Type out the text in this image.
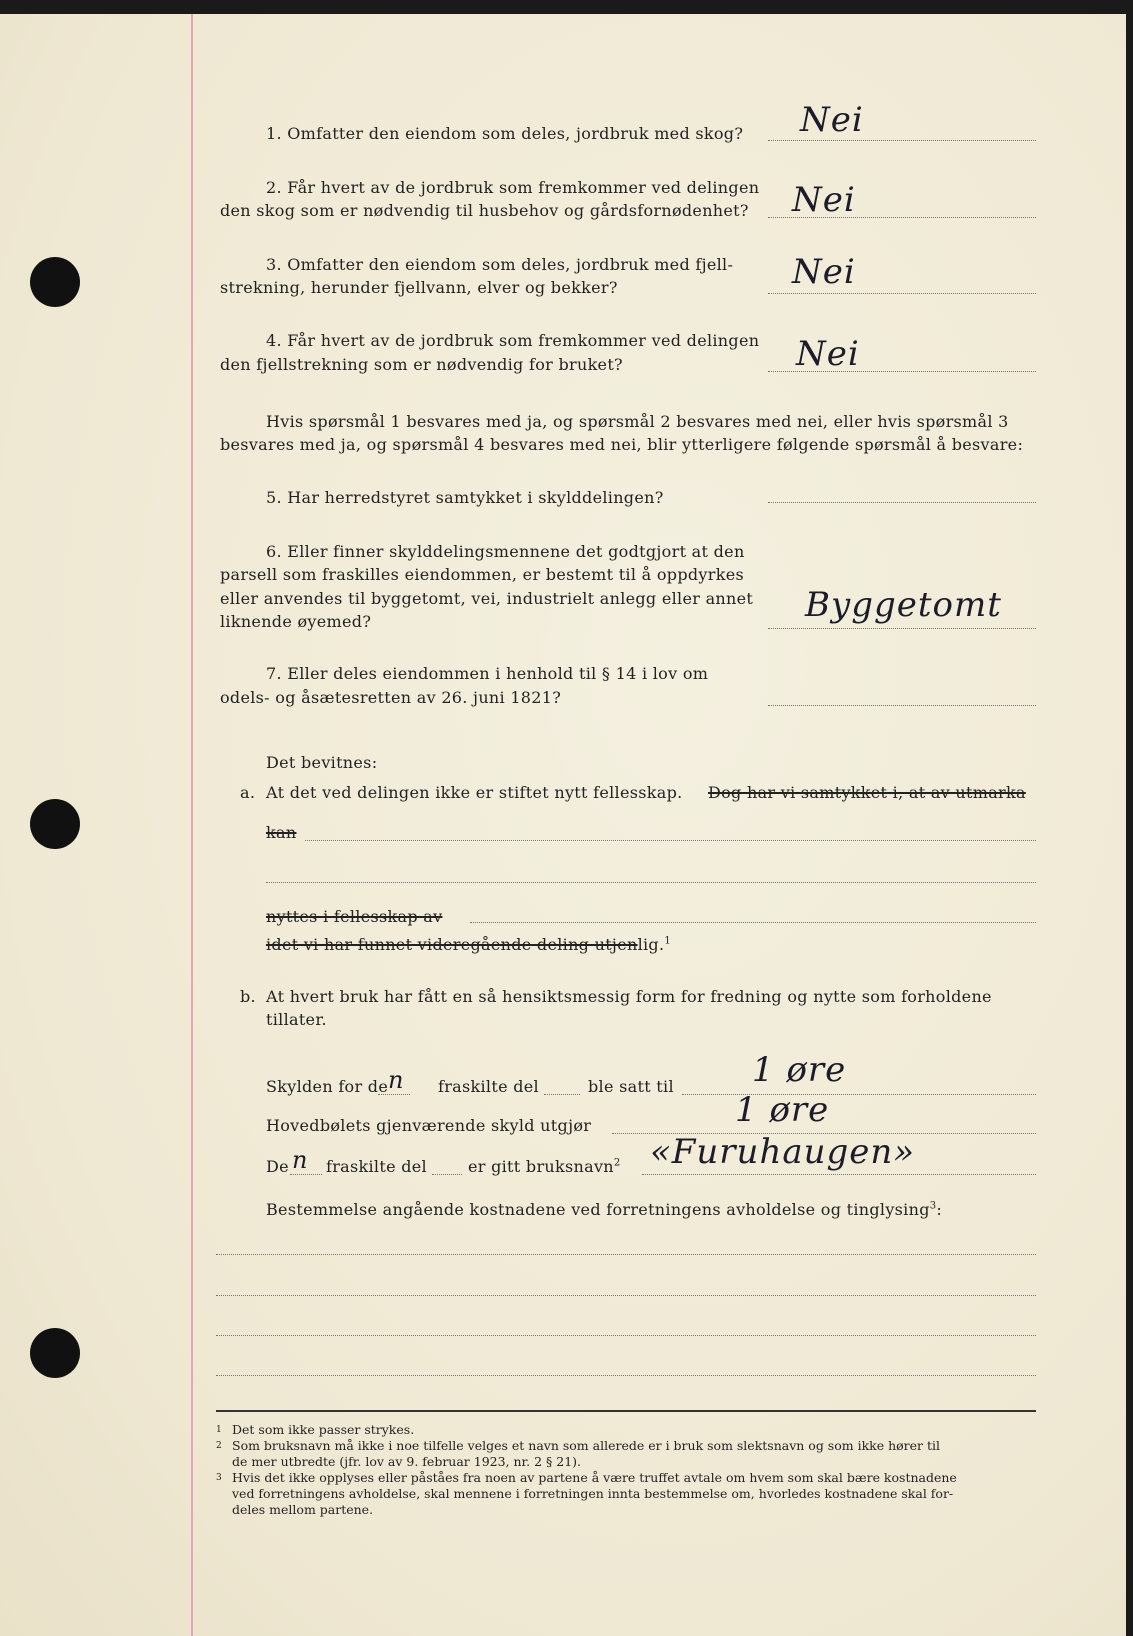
1. Omfatter den eiendom som deles, jordbruk med skog? Nei
2. Får hvert av de jordbruk som fremkommer ved delingen
den skog som er nødvendig til husbehov og gårdsfornødenhet? Nei
3. Omfatter den eiendom som deles, jordbruk med fjell-
strekning, herunder fjellvann, elver og bekker?	Nei
4. Får hvert av de jordbruk som fremkommer ved delingen
den fjellstrekning som er nødvendig for bruket?	Nei
Hvis spørsmål 1 besvares med ja, og spørsmål 2 besvares med nei, eller hvis spørsmål 3
besvares med ja, og spørsmål 4 besvares med nei, blir ytterligere følgende spørsmål å besvare:
5. Har herredstyret samtykket i skylddelingen?
6. Eller finner skylddelingsmennene det godtgjort at den
parsell som fraskilles eiendommen, er bestemt til å oppdyrkes
eller anvendes til byggetomt, vei, industrielt anlegg eller annet
liknende øyemed?	Byggetomt
7. Eller deles eiendommen i henhold til § 14 i lov om
odels- og åsætesretten av 26. juni 1821?
Det bevitnes:
a. At det ved delingen ikke er stiftet nytt fellesskap. Dog har vi samtykket i, at av utmarka
kan
nyttes i fellesskap av
idet vi har funnet videregående deling utjenlig.$^1$
b. At hvert bruk har fått en så hensiktsmessig form for fredning og nytte som forholdene
tillater.
Skylden for de n fraskilte del	ble satt til 1 øre
Hovedbølets gjenværende skyld utgjør	1 øre
De n fraskilte del	er gitt bruksnavn$^2$ «Furuhaugen»
Bestemmelse angående kostnadene ved forretningens avholdelse og tinglysing$^3$:
1 Det som ikke passer strykes.
2 Som bruksnavn må ikke i noe tilfelle velges et navn som allerede er i bruk som slektsnavn og som ikke hører til
de mer utbredte (jfr. lov av 9. februar 1923, nr. 2 § 21).
3 Hvis det ikke opplyses eller påståes fra noen av partene å være truffet avtale om hvem som skal bære kostnadene
ved forretningens avholdelse, skal mennene i forretningen innta bestemmelse om, hvorledes kostnadene skal for-
deles mellom partene.
